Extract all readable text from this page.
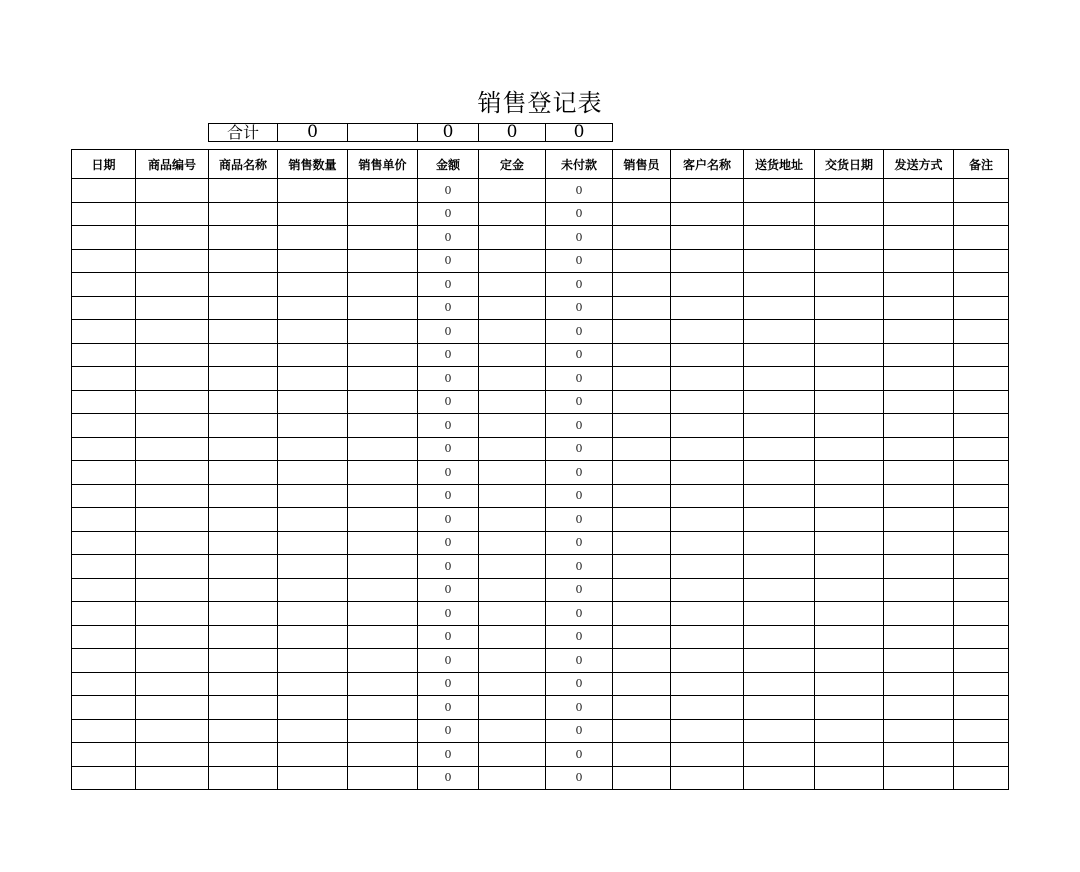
销售登记表
合计	0		0	0	0
日期	商品编号	商品名称	销售数量	销售单价	金额	定金	未付款	销售员	客户名称	送货地址	交货日期	发送方式	备注
					0		0						
					0		0						
					0		0						
					0		0						
					0		0						
					0		0						
					0		0						
					0		0						
					0		0						
					0		0						
					0		0						
					0		0						
					0		0						
					0		0						
					0		0						
					0		0						
					0		0						
					0		0						
					0		0						
					0		0						
					0		0						
					0		0						
					0		0						
					0		0						
					0		0						
					0		0						
